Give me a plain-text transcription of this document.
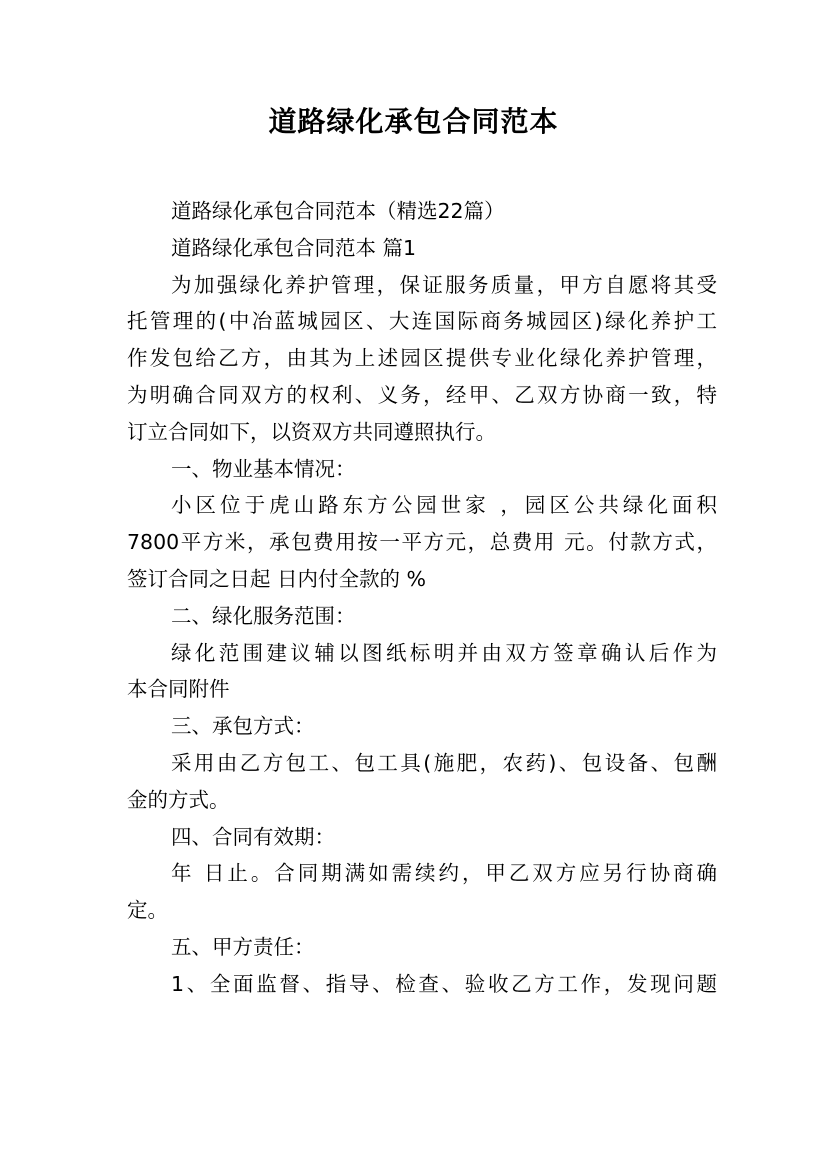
道路绿化承包合同范本
道路绿化承包合同范本（精选22篇）
道路绿化承包合同范本 篇1
为加强绿化养护管理，保证服务质量，甲方自愿将其受
托管理的(中冶蓝城园区、大连国际商务城园区)绿化养护工
作发包给乙方，由其为上述园区提供专业化绿化养护管理，
为明确合同双方的权利、义务，经甲、乙双方协商一致，特
订立合同如下，以资双方共同遵照执行。
一、物业基本情况：
小区位于虎山路东方公园世家 ，园区公共绿化面积
7800平方米，承包费用按一平方元，总费用 元。付款方式，
签订合同之日起 日内付全款的 %
二、绿化服务范围：
绿化范围建议辅以图纸标明并由双方签章确认后作为
本合同附件
三、承包方式：
采用由乙方包工、包工具(施肥，农药)、包设备、包酬
金的方式。
四、合同有效期：
年 日止。合同期满如需续约，甲乙双方应另行协商确
定。
五、甲方责任：
1、全面监督、指导、检查、验收乙方工作，发现问题
